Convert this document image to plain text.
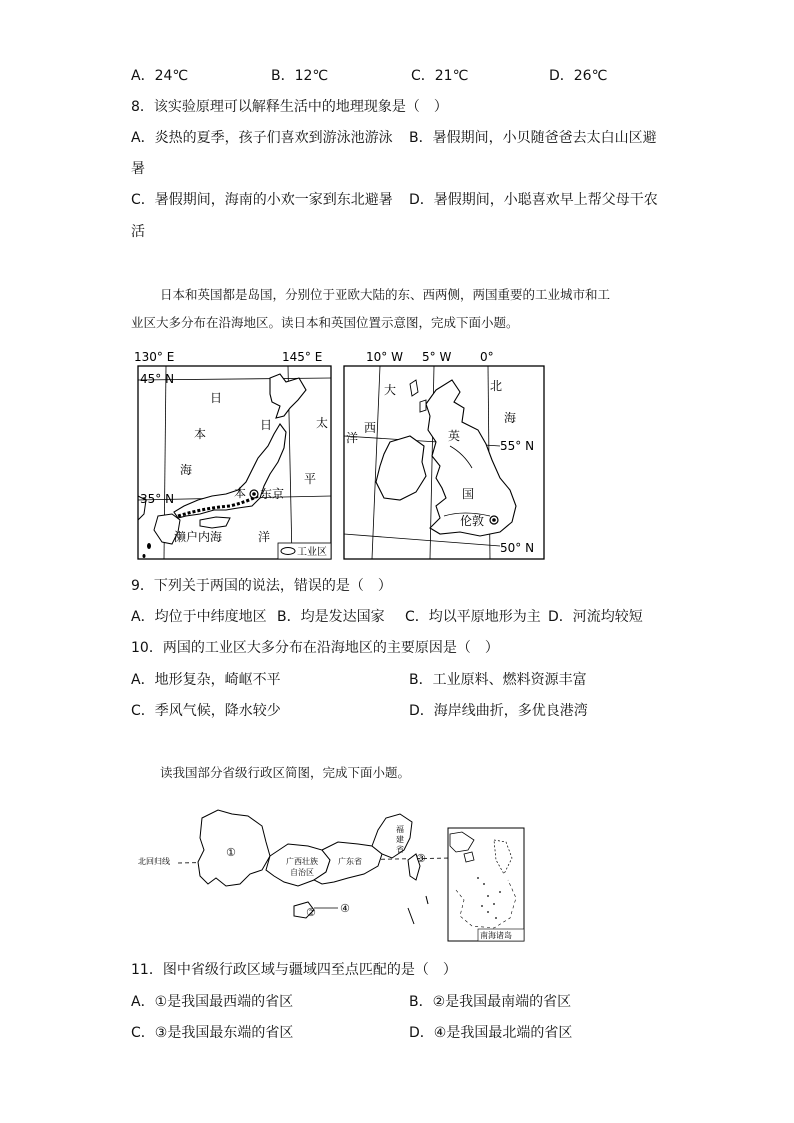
A．24℃	B．12℃	C．21℃	D．26℃
8．该实验原理可以解释生活中的地理现象是（　）
A．炎热的夏季，孩子们喜欢到游泳池游泳 B．暑假期间，小贝随爸爸去太白山区避
暑
C．暑假期间，海南的小欢一家到东北避暑 D．暑假期间，小聪喜欢早上帮父母干农
活
日本和英国都是岛国，分别位于亚欧大陆的东、西两侧，两国重要的工业城市和工
业区大多分布在沿海地区。读日本和英国位置示意图，完成下面小题。
130° E	145° E
45° N
35° N
日
本
海
日
本
太
平
洋
东京
濑户内海
工业区
10° W 5° W 0°
55° N
50° N
大
西
洋
北
海
英
国
伦敦
9．下列关于两国的说法，错误的是（　）
A．均位于中纬度地区 B．均是发达国家 C．均以平原地形为主 D．河流均较短
10．两国的工业区大多分布在沿海地区的主要原因是（　）
A．地形复杂，崎岖不平	B．工业原料、燃料资源丰富
C．季风气候，降水较少	D．海岸线曲折，多优良港湾
读我国部分省级行政区简图，完成下面小题。
北回归线
①
广西壮族
自治区
广东省
福
建
省
③
② ④
南海诸岛
11．图中省级行政区域与疆域四至点匹配的是（　）
A．①是我国最西端的省区	B．②是我国最南端的省区
C．③是我国最东端的省区	D．④是我国最北端的省区
